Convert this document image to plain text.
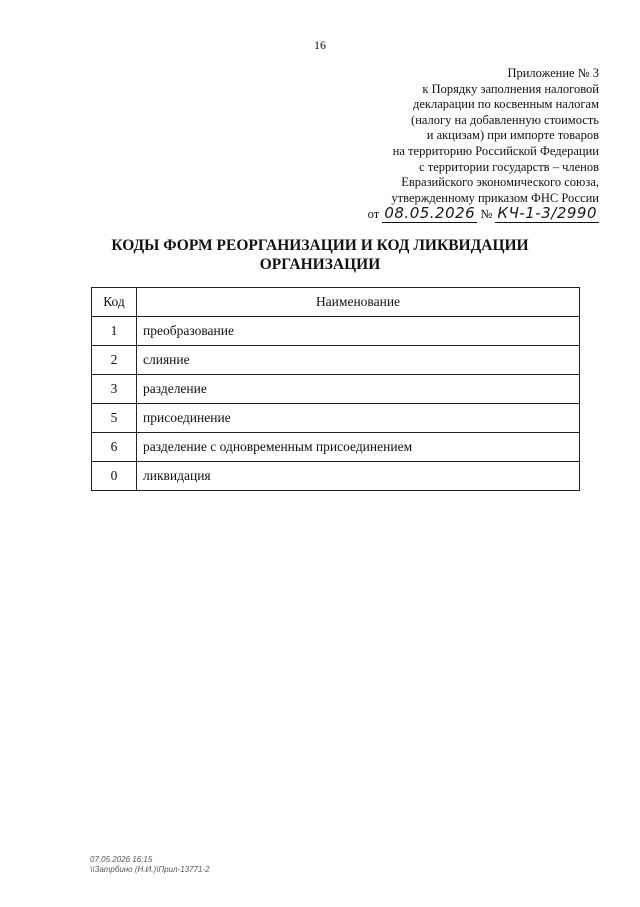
16
Приложение № 3
к Порядку заполнения налоговой
декларации по косвенным налогам
(налогу на добавленную стоимость
и акцизам) при импорте товаров
на территорию Российской Федерации
с территории государств – членов
Евразийского экономического союза,
утвержденному приказом ФНС России
от 08.05.2026 № КЧ-1-3/2990
КОДЫ ФОРМ РЕОРГАНИЗАЦИИ И КОД ЛИКВИДАЦИИ
ОРГАНИЗАЦИИ
Код	Наименование
1	преобразование
2	слияние
3	разделение
5	присоединение
6	разделение с одновременным присоединением
0	ликвидация
07.05.2026 16:15
\\Затрбино (Н.И.)\Прил-13771-2
